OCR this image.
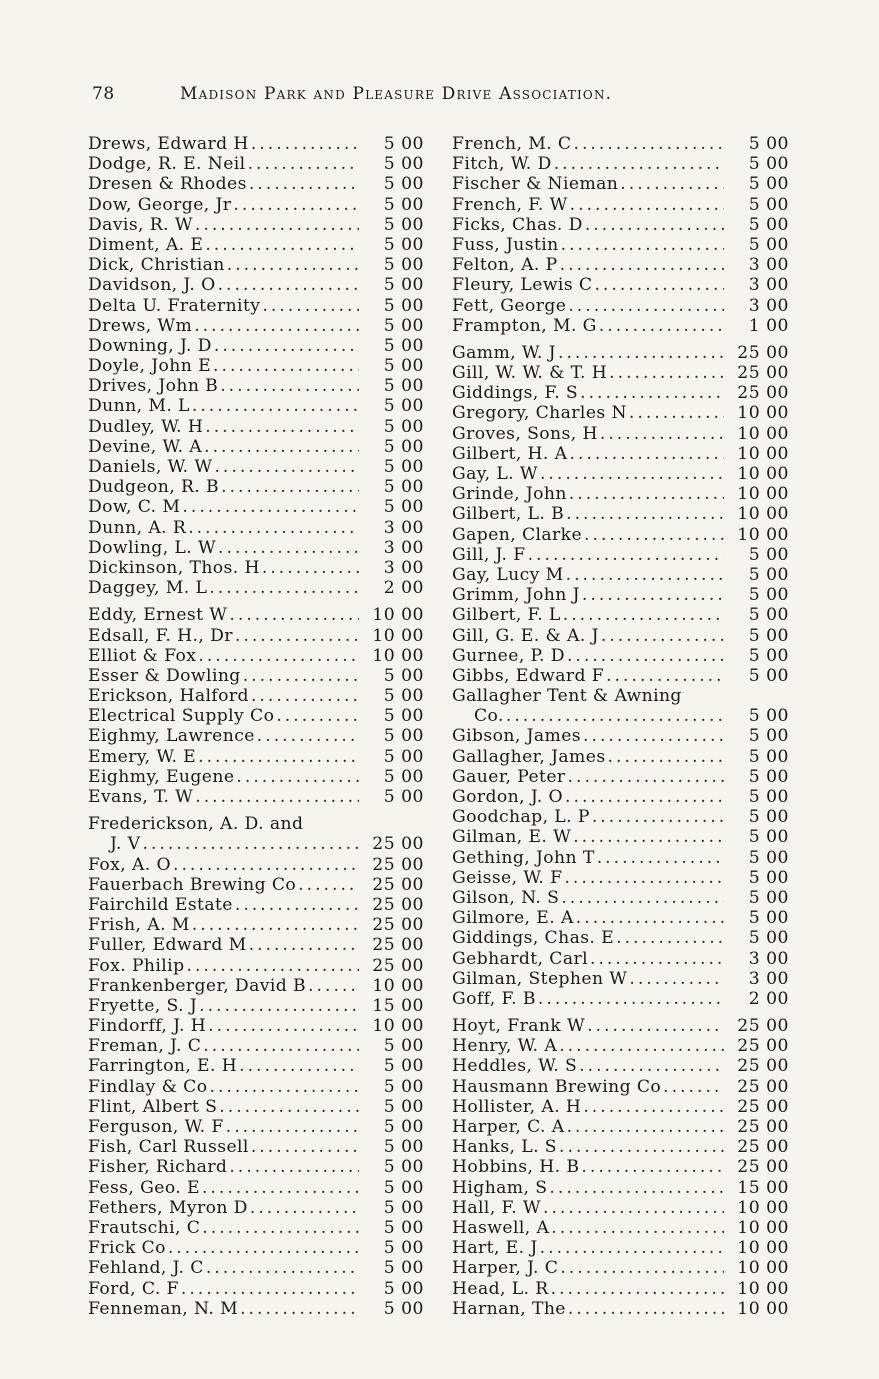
78	Madison Park and Pleasure Drive Association.
Drews, Edward H .....	5 00
Dodge, R. E. Neil .....	5 00
Dresen & Rhodes .....	5 00
Dow, George, Jr .....	5 00
Davis, R. W .....	5 00
Diment, A. E .....	5 00
Dick, Christian .....	5 00
Davidson, J. O .....	5 00
Delta U. Fraternity .....	5 00
Drews, Wm .....	5 00
Downing, J. D .....	5 00
Doyle, John E .....	5 00
Drives, John B .....	5 00
Dunn, M. L .....	5 00
Dudley, W. H .....	5 00
Devine, W. A .....	5 00
Daniels, W. W .....	5 00
Dudgeon, R. B .....	5 00
Dow, C. M .....	5 00
Dunn, A. R .....	3 00
Dowling, L. W .....	3 00
Dickinson, Thos. H .....	3 00
Daggey, M. L .....	2 00
Eddy, Ernest W .....	10 00
Edsall, F. H., Dr .....	10 00
Elliot & Fox .....	10 00
Esser & Dowling .....	5 00
Erickson, Halford .....	5 00
Electrical Supply Co .....	5 00
Eighmy, Lawrence .....	5 00
Emery, W. E .....	5 00
Eighmy, Eugene .....	5 00
Evans, T. W .....	5 00
Frederickson, A. D. and
J. V .....	25 00
Fox, A. O .....	25 00
Fauerbach Brewing Co .....	25 00
Fairchild Estate .....	25 00
Frish, A. M .....	25 00
Fuller, Edward M .....	25 00
Fox. Philip .....	25 00
Frankenberger, David B .....	10 00
Fryette, S. J .....	15 00
Findorff, J. H .....	10 00
Freman, J. C .....	5 00
Farrington, E. H .....	5 00
Findlay & Co .....	5 00
Flint, Albert S .....	5 00
Ferguson, W. F .....	5 00
Fish, Carl Russell .....	5 00
Fisher, Richard .....	5 00
Fess, Geo. E .....	5 00
Fethers, Myron D .....	5 00
Frautschi, C .....	5 00
Frick Co .....	5 00
Fehland, J. C .....	5 00
Ford, C. F .....	5 00
Fenneman, N. M .....	5 00
French, M. C .....	5 00
Fitch, W. D .....	5 00
Fischer & Nieman .....	5 00
French, F. W .....	5 00
Ficks, Chas. D .....	5 00
Fuss, Justin .....	5 00
Felton, A. P .....	3 00
Fleury, Lewis C .....	3 00
Fett, George .....	3 00
Frampton, M. G .....	1 00
Gamm, W. J .....	25 00
Gill, W. W. & T. H .....	25 00
Giddings, F. S .....	25 00
Gregory, Charles N .....	10 00
Groves, Sons, H .....	10 00
Gilbert, H. A .....	10 00
Gay, L. W .....	10 00
Grinde, John .....	10 00
Gilbert, L. B .....	10 00
Gapen, Clarke .....	10 00
Gill, J. F .....	5 00
Gay, Lucy M .....	5 00
Grimm, John J .....	5 00
Gilbert, F. L .....	5 00
Gill, G. E. & A. J .....	5 00
Gurnee, P. D .....	5 00
Gibbs, Edward F .....	5 00
Gallagher Tent & Awning
Co. .....	5 00
Gibson, James .....	5 00
Gallagher, James .....	5 00
Gauer, Peter .....	5 00
Gordon, J. O .....	5 00
Goodchap, L. P .....	5 00
Gilman, E. W .....	5 00
Gething, John T .....	5 00
Geisse, W. F .....	5 00
Gilson, N. S .....	5 00
Gilmore, E. A .....	5 00
Giddings, Chas. E .....	5 00
Gebhardt, Carl .....	3 00
Gilman, Stephen W .....	3 00
Goff, F. B .....	2 00
Hoyt, Frank W .....	25 00
Henry, W. A .....	25 00
Heddles, W. S .....	25 00
Hausmann Brewing Co .....	25 00
Hollister, A. H .....	25 00
Harper, C. A .....	25 00
Hanks, L. S .....	25 00
Hobbins, H. B .....	25 00
Higham, S .....	15 00
Hall, F. W .....	10 00
Haswell, A .....	10 00
Hart, E. J .....	10 00
Harper, J. C .....	10 00
Head, L. R .....	10 00
Harnan, The .....	10 00
